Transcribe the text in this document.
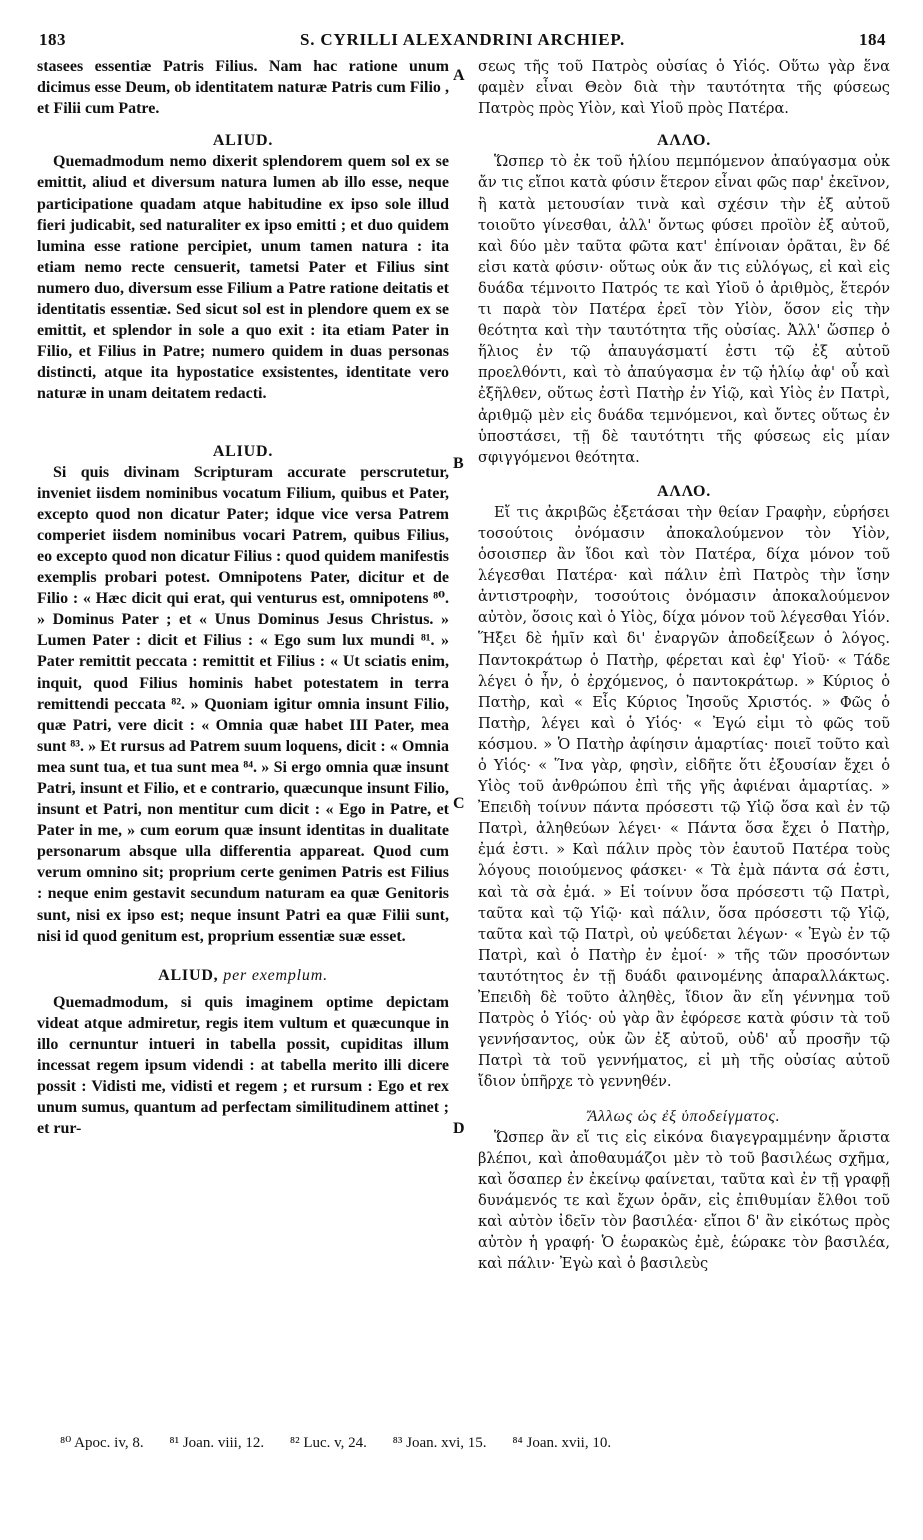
183	S. CYRILLI ALEXANDRINI ARCHIEP.	184

stasees essentiæ Patris Filius. Nam hac ratione unum dicimus esse Deum, ob identitatem naturæ Patris cum Filio , et Filii cum Patre.

ALIUD.

Quemadmodum nemo dixerit splendorem quem sol ex se emittit, aliud et diversum natura lumen ab illo esse, neque participatione quadam atque habitudine ex ipso sole illud fieri judicabit, sed naturaliter ex ipso emitti ; et duo quidem lumina esse ratione percipiet, unum tamen natura : ita etiam nemo recte censuerit, tametsi Pater et Filius sint numero duo, diversum esse Filium a Patre ratione deitatis et identitatis essentiæ. Sed sicut sol est in plendore quem ex se emittit, et splendor in sole a quo exit : ita etiam Pater in Filio, et Filius in Patre; numero quidem in duas personas distincti, atque ita hypostatice exsistentes, identitate vero naturæ in unam deitatem redacti.

ALIUD.

Si quis divinam Scripturam accurate perscrutetur, inveniet iisdem nominibus vocatum Filium, quibus et Pater, excepto quod non dicatur Pater; idque vice versa Patrem comperiet iisdem nominibus vocari Patrem, quibus Filius, eo excepto quod non dicatur Filius : quod quidem manifestis exemplis probari potest. Omnipotens Pater, dicitur et de Filio : « Hæc dicit qui erat, qui venturus est, omnipotens ⁸⁰. » Dominus Pater ; et « Unus Dominus Jesus Christus. » Lumen Pater : dicit et Filius : « Ego sum lux mundi ⁸¹. » Pater remittit peccata : remittit et Filius : « Ut sciatis enim, inquit, quod Filius hominis habet potestatem in terra remittendi peccata ⁸². » Quoniam igitur omnia insunt Filio, quæ Patri, vere dicit : « Omnia quæ habet III Pater, mea sunt ⁸³. » Et rursus ad Patrem suum loquens, dicit : « Omnia mea sunt tua, et tua sunt mea ⁸⁴. » Si ergo omnia quæ insunt Patri, insunt et Filio, et e contrario, quæcunque insunt Filio, insunt et Patri, non mentitur cum dicit : « Ego in Patre, et Pater in me, » cum eorum quæ insunt identitas in dualitate personarum absque ulla differentia appareat. Quod cum verum omnino sit; proprium certe genimen Patris est Filius : neque enim gestavit secundum naturam ea quæ Genitoris sunt, nisi ex ipso est; neque insunt Patri ea quæ Filii sunt, nisi id quod genitum est, proprium essentiæ suæ esset.

ALIUD, per exemplum.

Quemadmodum, si quis imaginem optime depictam videat atque admiretur, regis item vultum et quæcunque in illo cernuntur intueri in tabella possit, cupiditas illum incessat regem ipsum videndi : at tabella merito illi dicere possit : Vidisti me, vidisti et regem ; et rursum : Ego et rex unum sumus, quantum ad perfectam similitudinem attinet ; et rur-

σεως τῆς τοῦ Πατρὸς οὐσίας ὁ Υἱός. Οὕτω γὰρ ἕνα φαμὲν εἶναι Θεὸν διὰ τὴν ταυτότητα τῆς φύσεως Πατρὸς πρὸς Υἱὸν, καὶ Υἱοῦ πρὸς Πατέρα.

ΑΛΛΟ.

Ὥσπερ τὸ ἐκ τοῦ ἡλίου πεμπόμενον ἀπαύγασμα οὐκ ἄν τις εἴποι κατὰ φύσιν ἕτερον εἶναι φῶς παρ' ἐκεῖνον, ἢ κατὰ μετουσίαν τινὰ καὶ σχέσιν τὴν ἐξ αὐτοῦ τοιοῦτο γίνεσθαι, ἀλλ' ὄντως φύσει προϊὸν ἐξ αὐτοῦ, καὶ δύο μὲν ταῦτα φῶτα κατ' ἐπίνοιαν ὁρᾶται, ἓν δέ εἰσι κατὰ φύσιν· οὕτως οὐκ ἄν τις εὐλόγως, εἰ καὶ εἰς δυάδα τέμνοιτο Πατρός τε καὶ Υἱοῦ ὁ ἀριθμὸς, ἕτερόν τι παρὰ τὸν Πατέρα ἐρεῖ τὸν Υἱὸν, ὅσον εἰς τὴν θεότητα καὶ τὴν ταυτότητα τῆς οὐσίας. Ἀλλ' ὥσπερ ὁ ἥλιος ἐν τῷ ἀπαυγάσματί ἐστι τῷ ἐξ αὐτοῦ προελθόντι, καὶ τὸ ἀπαύγασμα ἐν τῷ ἡλίῳ ἀφ' οὗ καὶ ἐξῆλθεν, οὕτως ἐστὶ Πατὴρ ἐν Υἱῷ, καὶ Υἱὸς ἐν Πατρὶ, ἀριθμῷ μὲν εἰς δυάδα τεμνόμενοι, καὶ ὄντες οὕτως ἐν ὑποστάσει, τῇ δὲ ταυτότητι τῆς φύσεως εἰς μίαν σφιγγόμενοι θεότητα.

ΑΛΛΟ.

Εἴ τις ἀκριβῶς ἐξετάσαι τὴν θείαν Γραφὴν, εὑρήσει τοσούτοις ὀνόμασιν ἀποκαλούμενον τὸν Υἱὸν, ὁσοισπερ ἂν ἴδοι καὶ τὸν Πατέρα, δίχα μόνον τοῦ λέγεσθαι Πατέρα· καὶ πάλιν ἐπὶ Πατρὸς τὴν ἴσην ἀντιστροφὴν, τοσούτοις ὀνόμασιν ἀποκαλούμενον αὐτὸν, ὅσοις καὶ ὁ Υἱὸς, δίχα μόνον τοῦ λέγεσθαι Υἱόν. Ἥξει δὲ ἡμῖν καὶ δι' ἐναργῶν ἀποδείξεων ὁ λόγος. Παντοκράτωρ ὁ Πατὴρ, φέρεται καὶ ἐφ' Υἱοῦ· « Τάδε λέγει ὁ ἦν, ὁ ἐρχόμενος, ὁ παντοκράτωρ. » Κύριος ὁ Πατὴρ, καὶ « Εἷς Κύριος Ἰησοῦς Χριστός. » Φῶς ὁ Πατὴρ, λέγει καὶ ὁ Υἱός· « Ἐγώ εἰμι τὸ φῶς τοῦ κόσμου. » Ὁ Πατὴρ ἀφίησιν ἁμαρτίας· ποιεῖ τοῦτο καὶ ὁ Υἱός· « Ἵνα γὰρ, φησὶν, εἰδῆτε ὅτι ἐξουσίαν ἔχει ὁ Υἱὸς τοῦ ἀνθρώπου ἐπὶ τῆς γῆς ἀφιέναι ἁμαρτίας. » Ἐπειδὴ τοίνυν πάντα πρόσεστι τῷ Υἱῷ ὅσα καὶ ἐν τῷ Πατρὶ, ἀληθεύων λέγει· « Πάντα ὅσα ἔχει ὁ Πατὴρ, ἐμά ἐστι. » Καὶ πάλιν πρὸς τὸν ἑαυτοῦ Πατέρα τοὺς λόγους ποιούμενος φάσκει· « Τὰ ἐμὰ πάντα σά ἐστι, καὶ τὰ σὰ ἐμά. » Εἰ τοίνυν ὅσα πρόσεστι τῷ Πατρὶ, ταῦτα καὶ τῷ Υἱῷ· καὶ πάλιν, ὅσα πρόσεστι τῷ Υἱῷ, ταῦτα καὶ τῷ Πατρὶ, οὐ ψεύδεται λέγων· « Ἐγὼ ἐν τῷ Πατρὶ, καὶ ὁ Πατὴρ ἐν ἐμοί· » τῆς τῶν προσόντων ταυτότητος ἐν τῇ δυάδι φαινομένης ἀπαραλλάκτως. Ἐπειδὴ δὲ τοῦτο ἀληθὲς, ἴδιον ἂν εἴη γέννημα τοῦ Πατρὸς ὁ Υἱός· οὐ γὰρ ἂν ἐφόρεσε κατὰ φύσιν τὰ τοῦ γεννήσαντος, οὐκ ὢν ἐξ αὐτοῦ, οὐδ' αὖ προσῆν τῷ Πατρὶ τὰ τοῦ γεννήματος, εἰ μὴ τῆς οὐσίας αὐτοῦ ἴδιον ὑπῆρχε τὸ γεννηθέν.

Ἄλλως ὡς ἐξ ὑποδείγματος.

Ὥσπερ ἂν εἴ τις εἰς εἰκόνα διαγεγραμμένην ἄριστα βλέποι, καὶ ἀποθαυμάζοι μὲν τὸ τοῦ βασιλέως σχῆμα, καὶ ὅσαπερ ἐν ἐκείνῳ φαίνεται, ταῦτα καὶ ἐν τῇ γραφῇ δυνάμενός τε καὶ ἔχων ὁρᾶν, εἰς ἐπιθυμίαν ἔλθοι τοῦ καὶ αὐτὸν ἰδεῖν τὸν βασιλέα· εἴποι δ' ἂν εἰκότως πρὸς αὐτὸν ἡ γραφή· Ὁ ἑωρακὼς ἐμὲ, ἑώρακε τὸν βασιλέα, καὶ πάλιν· Ἐγὼ καὶ ὁ βασιλεὺς

A
B
C
D
⁸⁰ Apoc. iv, 8. ⁸¹ Joan. viii, 12. ⁸² Luc. v, 24. ⁸³ Joan. xvi, 15. ⁸⁴ Joan. xvii, 10.
